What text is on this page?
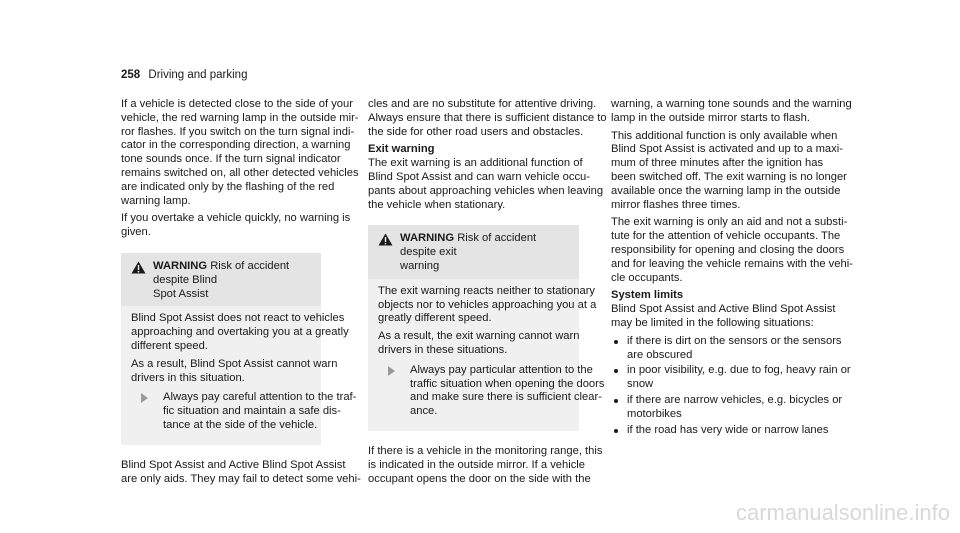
258 Driving and parking

If a vehicle is detected close to the side of your
vehicle, the red warning lamp in the outside mir-
ror flashes. If you switch on the turn signal indi-
cator in the corresponding direction, a warning
tone sounds once. If the turn signal indicator
remains switched on, all other detected vehicles
are indicated only by the flashing of the red
warning lamp.

If you overtake a vehicle quickly, no warning is
given.

WARNING Risk of accident despite Blind
Spot Assist

Blind Spot Assist does not react to vehicles
approaching and overtaking you at a greatly
different speed.

As a result, Blind Spot Assist cannot warn
drivers in this situation.

Always pay careful attention to the traf-
fic situation and maintain a safe dis-
tance at the side of the vehicle.

Blind Spot Assist and Active Blind Spot Assist
are only aids. They may fail to detect some vehi-

cles and are no substitute for attentive driving.
Always ensure that there is sufficient distance to
the side for other road users and obstacles.

Exit warning

The exit warning is an additional function of
Blind Spot Assist and can warn vehicle occu-
pants about approaching vehicles when leaving
the vehicle when stationary.

WARNING Risk of accident despite exit
warning

The exit warning reacts neither to stationary
objects nor to vehicles approaching you at a
greatly different speed.

As a result, the exit warning cannot warn
drivers in these situations.

Always pay particular attention to the
traffic situation when opening the doors
and make sure there is sufficient clear-
ance.

If there is a vehicle in the monitoring range, this
is indicated in the outside mirror. If a vehicle
occupant opens the door on the side with the

warning, a warning tone sounds and the warning
lamp in the outside mirror starts to flash.

This additional function is only available when
Blind Spot Assist is activated and up to a maxi-
mum of three minutes after the ignition has
been switched off. The exit warning is no longer
available once the warning lamp in the outside
mirror flashes three times.

The exit warning is only an aid and not a substi-
tute for the attention of vehicle occupants. The
responsibility for opening and closing the doors
and for leaving the vehicle remains with the vehi-
cle occupants.

System limits

Blind Spot Assist and Active Blind Spot Assist
may be limited in the following situations:

if there is dirt on the sensors or the sensors
are obscured
in poor visibility, e.g. due to fog, heavy rain or
snow
if there are narrow vehicles, e.g. bicycles or
motorbikes
if the road has very wide or narrow lanes
carmanualsonline.info
